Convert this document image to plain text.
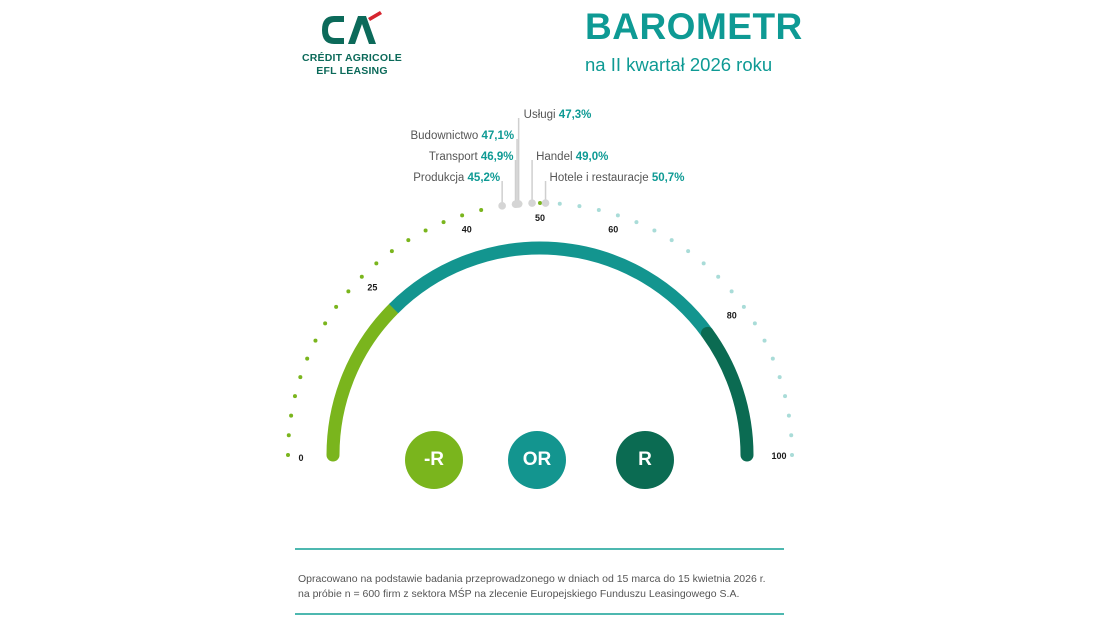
CRÉDIT AGRICOLE
EFL LEASING
BAROMETR
na II kwartał 2026 roku
0
25
40
50
60
80
100
Usługi 47,3%
Budownictwo 47,1%
Transport 46,9%
Produkcja 45,2%
Handel 49,0%
Hotele i restauracje 50,7%
-R	OR	R
Opracowano na podstawie badania przeprowadzonego w dniach od 15 marca do 15 kwietnia 2026 r.
na próbie n = 600 firm z sektora MŚP na zlecenie Europejskiego Funduszu Leasingowego S.A.
